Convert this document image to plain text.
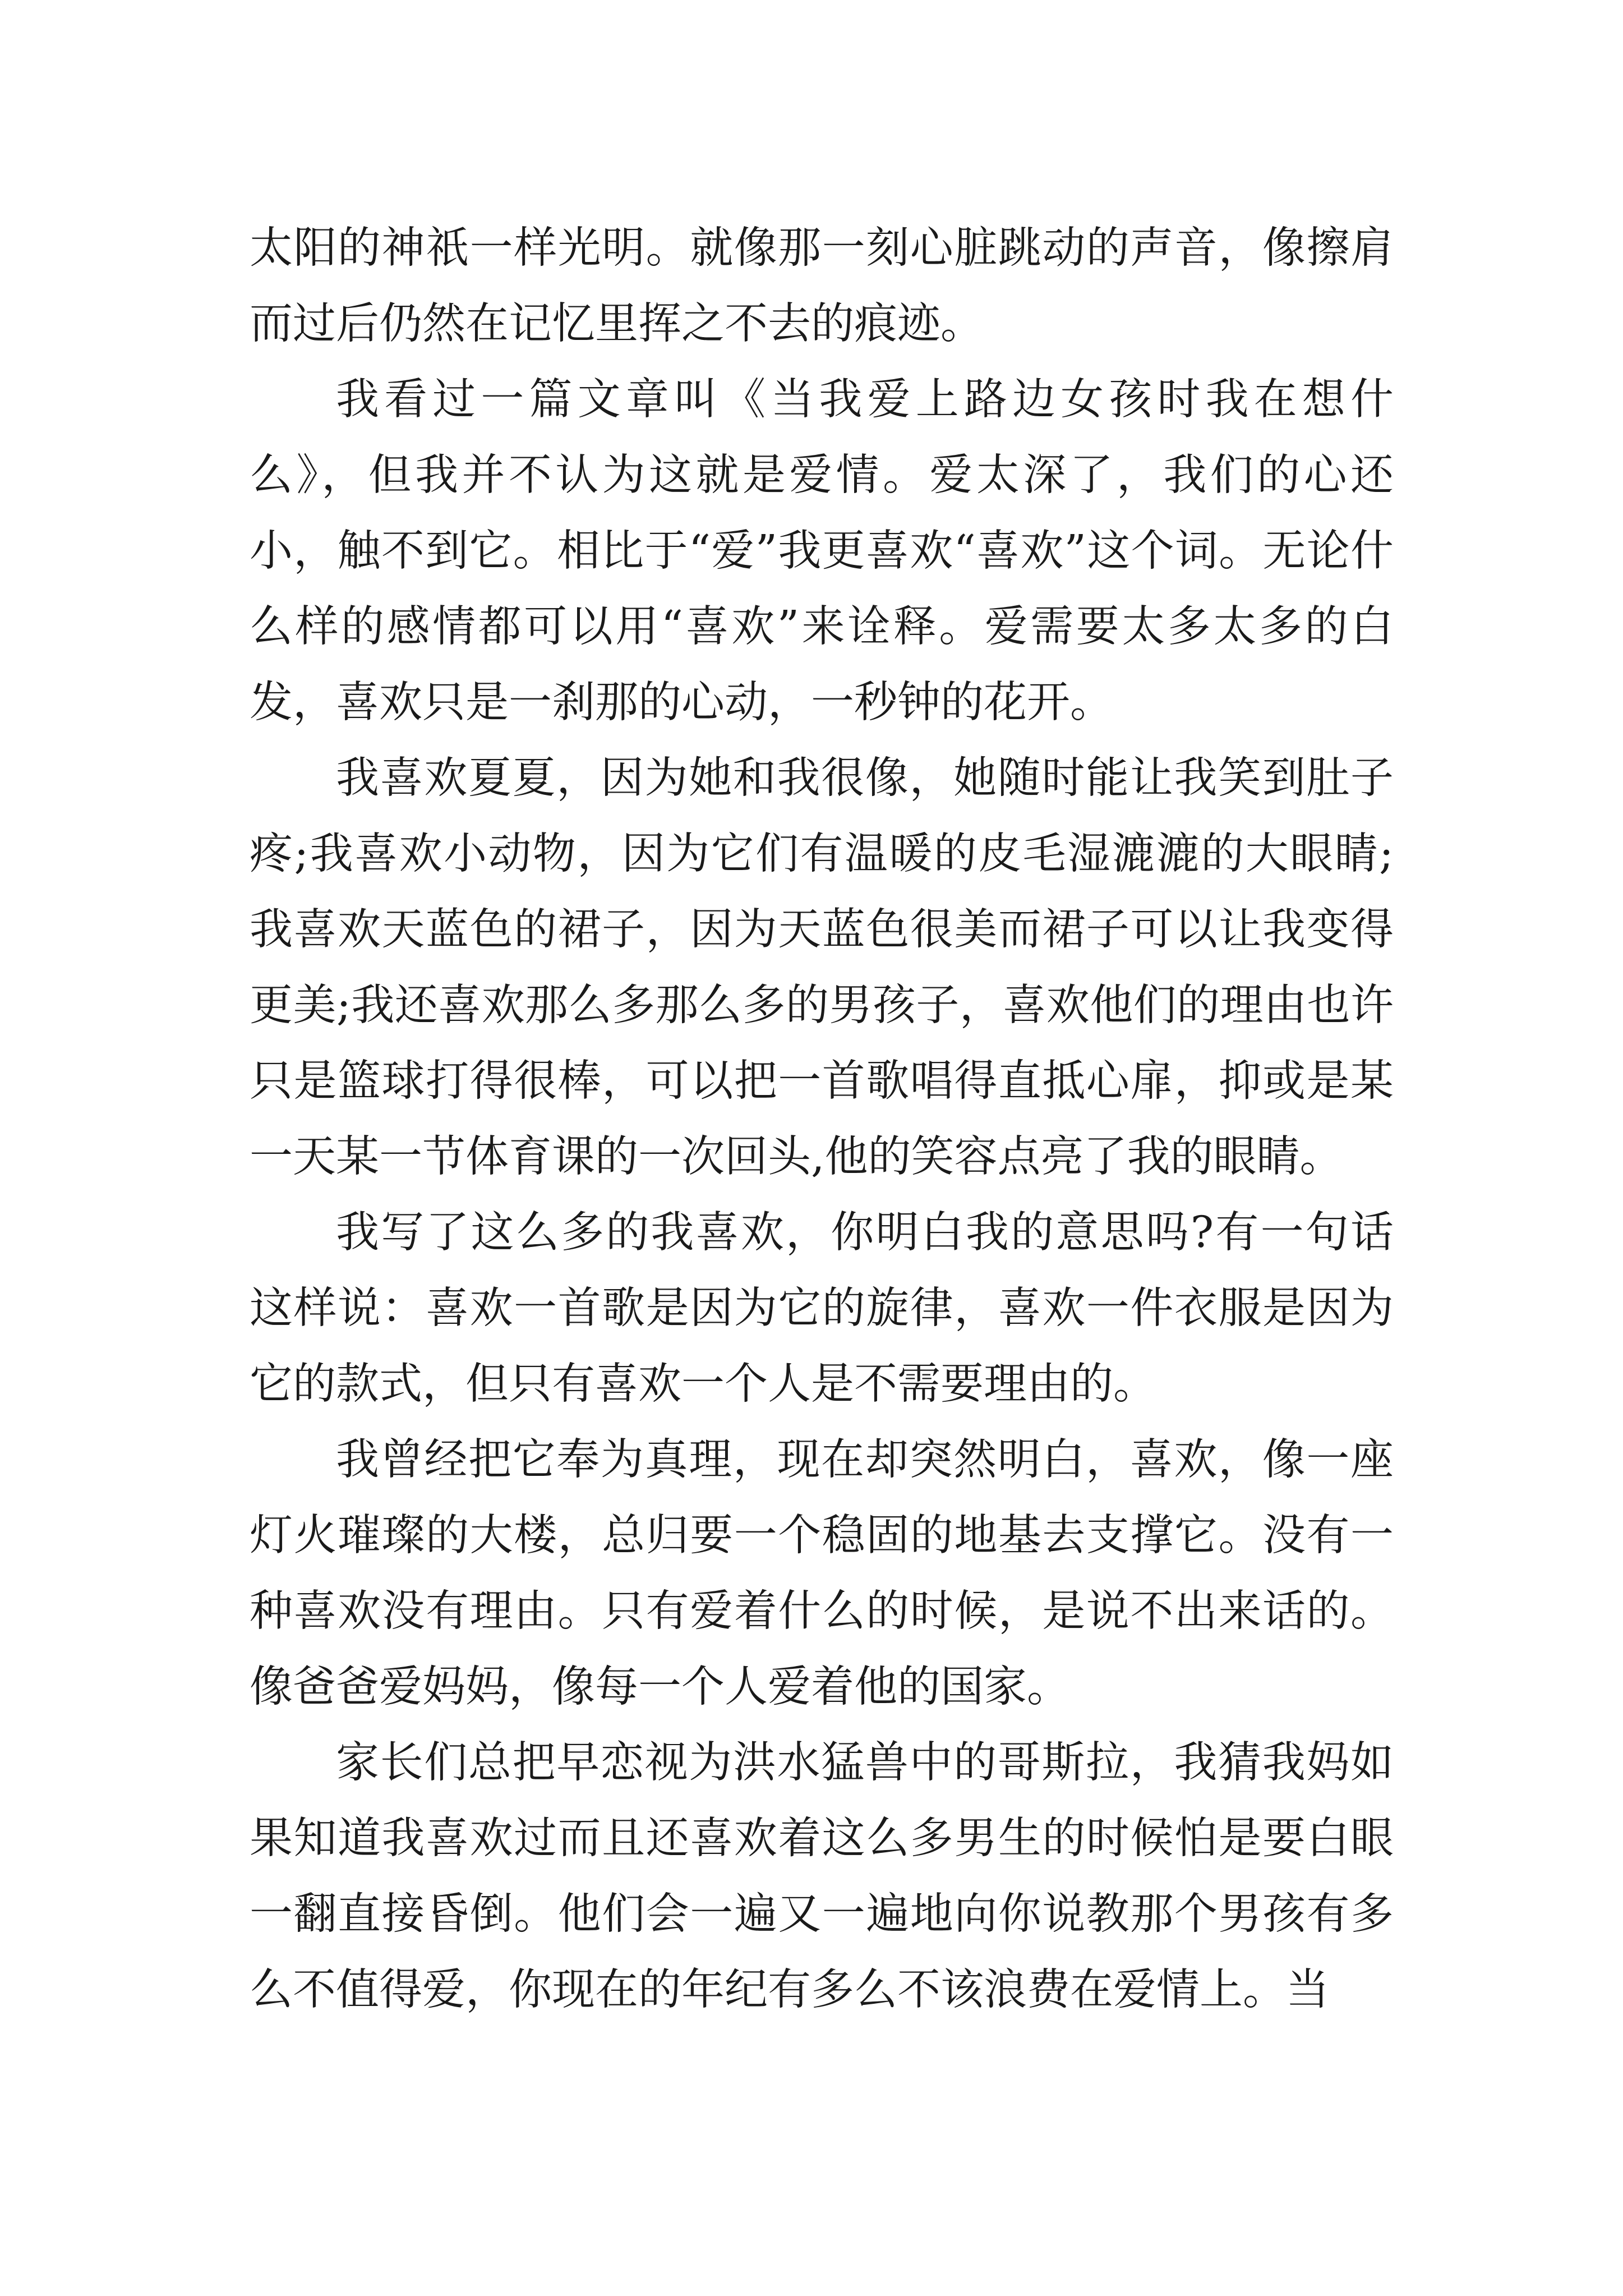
太阳的神祇一样光明。就像那一刻心脏跳动的声音，像擦肩而过后仍然在记忆里挥之不去的痕迹。

我看过一篇文章叫《当我爱上路边女孩时我在想什么》，但我并不认为这就是爱情。爱太深了，我们的心还小，触不到它。相比于“爱”我更喜欢“喜欢”这个词。无论什么样的感情都可以用“喜欢”来诠释。爱需要太多太多的白发，喜欢只是一刹那的心动，一秒钟的花开。

我喜欢夏夏，因为她和我很像，她随时能让我笑到肚子疼;我喜欢小动物，因为它们有温暖的皮毛湿漉漉的大眼睛;我喜欢天蓝色的裙子，因为天蓝色很美而裙子可以让我变得更美;我还喜欢那么多那么多的男孩子，喜欢他们的理由也许只是篮球打得很棒，可以把一首歌唱得直抵心扉，抑或是某一天某一节体育课的一次回头,他的笑容点亮了我的眼睛。

我写了这么多的我喜欢，你明白我的意思吗?有一句话这样说：喜欢一首歌是因为它的旋律，喜欢一件衣服是因为它的款式，但只有喜欢一个人是不需要理由的。

我曾经把它奉为真理，现在却突然明白，喜欢，像一座灯火璀璨的大楼，总归要一个稳固的地基去支撑它。没有一种喜欢没有理由。只有爱着什么的时候，是说不出来话的。像爸爸爱妈妈，像每一个人爱着他的国家。

家长们总把早恋视为洪水猛兽中的哥斯拉，我猜我妈如果知道我喜欢过而且还喜欢着这么多男生的时候怕是要白眼一翻直接昏倒。他们会一遍又一遍地向你说教那个男孩有多么不值得爱，你现在的年纪有多么不该浪费在爱情上。当
